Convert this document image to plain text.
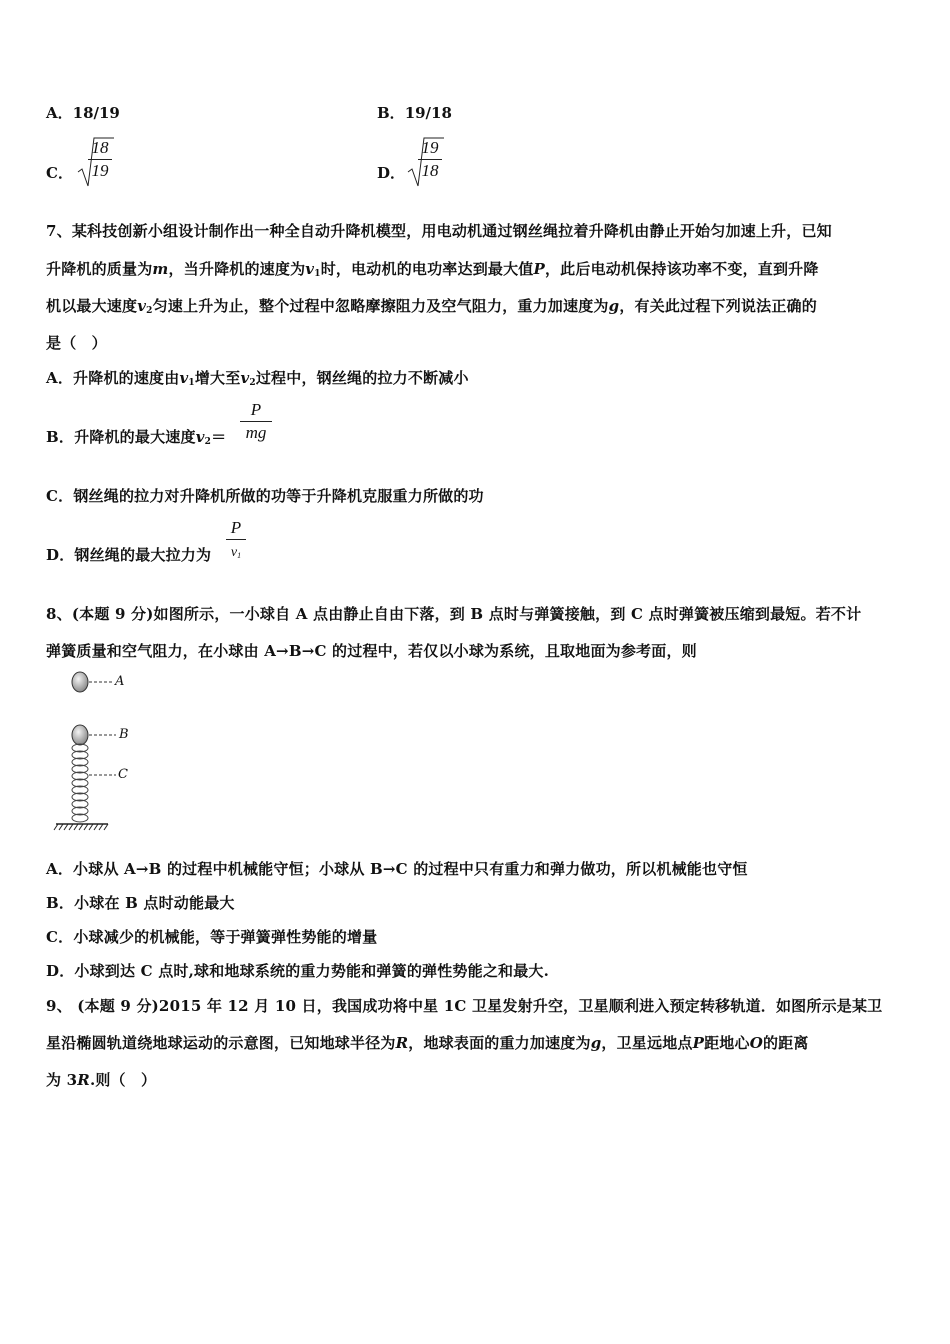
A．18/19	B．19/18
C．
18
19	D．
19
18
7、某科技创新小组设计制作出一种全自动升降机模型，用电动机通过钢丝绳拉着升降机由静止开始匀加速上升，已知
升降机的质量为m，当升降机的速度为$v_1$时，电动机的电功率达到最大值P，此后电动机保持该功率不变，直到升降
机以最大速度$v_2$匀速上升为止，整个过程中忽略摩擦阻力及空气阻力，重力加速度为g，有关此过程下列说法正确的
是（　）
A．升降机的速度由$v_1$增大至$v_2$过程中，钢丝绳的拉力不断减小
B．升降机的最大速度$v_2=$
P
mg
C．钢丝绳的拉力对升降机所做的功等于升降机克服重力所做的功
D．钢丝绳的最大拉力为
P
$v_1$
8、(本题 9 分)如图所示，一小球自 A 点由静止自由下落，到 B 点时与弹簧接触，到 C 点时弹簧被压缩到最短。若不计
弹簧质量和空气阻力，在小球由 A→B→C 的过程中，若仅以小球为系统，且取地面为参考面，则
A
B
C
A．小球从 A→B 的过程中机械能守恒；小球从 B→C 的过程中只有重力和弹力做功，所以机械能也守恒
B．小球在 B 点时动能最大
C．小球减少的机械能，等于弹簧弹性势能的增量
D．小球到达 C 点时,球和地球系统的重力势能和弹簧的弹性势能之和最大.
9、 (本题 9 分)2015 年 12 月 10 日，我国成功将中星 1C 卫星发射升空，卫星顺利进入预定转移轨道．如图所示是某卫
星沿椭圆轨道绕地球运动的示意图，已知地球半径为R，地球表面的重力加速度为g，卫星远地点P距地心O的距离
为 3R.则（　）
